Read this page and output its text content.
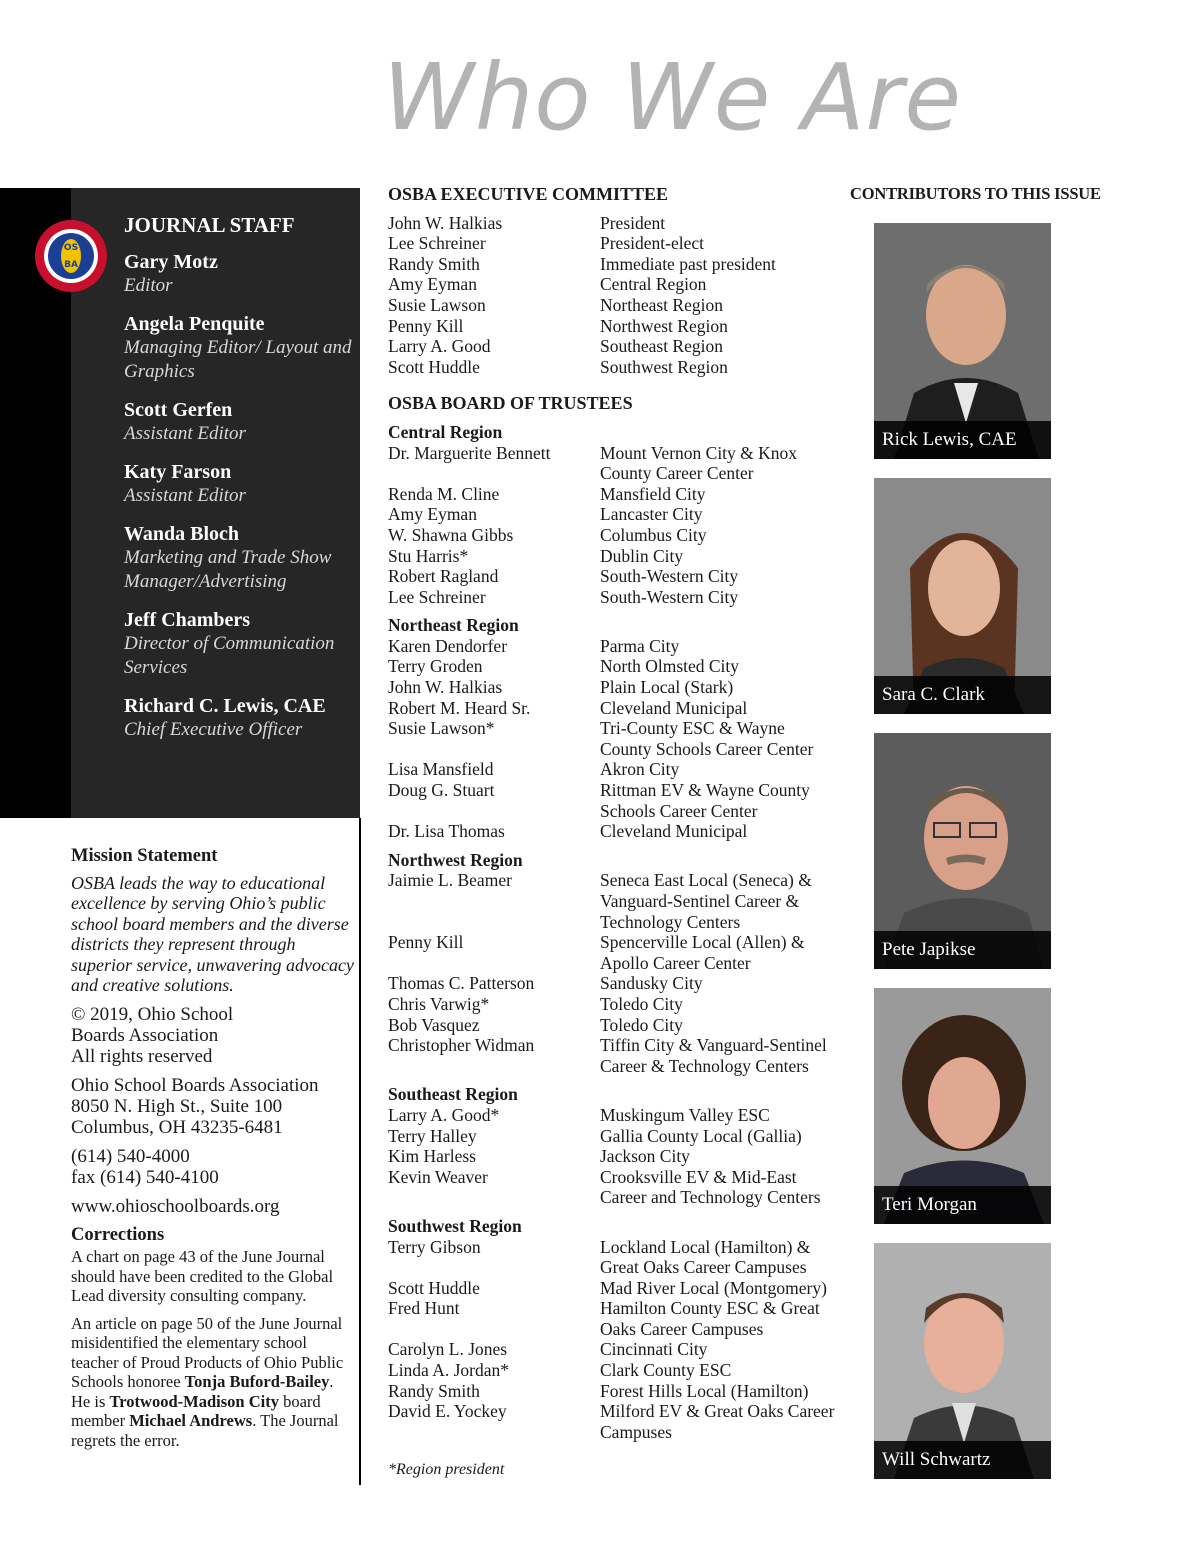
Who We Are
OS
BA
JOURNAL STAFF
Gary Motz
Editor
Angela Penquite
Managing Editor/ Layout and Graphics
Scott Gerfen
Assistant Editor
Katy Farson
Assistant Editor
Wanda Bloch
Marketing and Trade Show Manager/Advertising
Jeff Chambers
Director of Communication Services
Richard C. Lewis, CAE
Chief Executive Officer
Mission Statement
OSBA leads the way to educational excellence by serving Ohio’s public school board members and the diverse districts they represent through superior service, unwavering advocacy and creative solutions.
© 2019, Ohio School
Boards Association
All rights reserved
Ohio School Boards Association
8050 N. High St., Suite 100
Columbus, OH 43235-6481
(614) 540-4000
fax (614) 540-4100
www.ohioschoolboards.org
Corrections

A chart on page 43 of the June Journal should have been credited to the Global Lead diversity consulting company.

An article on page 50 of the June Journal misidentified the elementary school teacher of Proud Products of Ohio Public Schools honoree Tonja Buford-Bailey. He is Trotwood-Madison City board member Michael Andrews. The Journal regrets the error.

OSBA EXECUTIVE COMMITTEE
John W. Halkias	President
Lee Schreiner	President-elect
Randy Smith	Immediate past president
Amy Eyman	Central Region
Susie Lawson	Northeast Region
Penny Kill	Northwest Region
Larry A. Good	Southeast Region
Scott Huddle	Southwest Region
OSBA BOARD OF TRUSTEES
Central Region
Dr. Marguerite Bennett	Mount Vernon City & Knox County Career Center
Renda M. Cline	Mansfield City
Amy Eyman	Lancaster City
W. Shawna Gibbs	Columbus City
Stu Harris*	Dublin City
Robert Ragland	South-Western City
Lee Schreiner	South-Western City
Northeast Region
Karen Dendorfer	Parma City
Terry Groden	North Olmsted City
John W. Halkias	Plain Local (Stark)
Robert M. Heard Sr.	Cleveland Municipal
Susie Lawson*	Tri-County ESC & Wayne County Schools Career Center
Lisa Mansfield	Akron City
Doug G. Stuart	Rittman EV & Wayne County Schools Career Center
Dr. Lisa Thomas	Cleveland Municipal
Northwest Region
Jaimie L. Beamer	Seneca East Local (Seneca) & Vanguard-Sentinel Career & Technology Centers
Penny Kill	Spencerville Local (Allen) & Apollo Career Center
Thomas C. Patterson	Sandusky City
Chris Varwig*	Toledo City
Bob Vasquez	Toledo City
Christopher Widman	Tiffin City & Vanguard-Sentinel Career & Technology Centers
Southeast Region
Larry A. Good*	Muskingum Valley ESC
Terry Halley	Gallia County Local (Gallia)
Kim Harless	Jackson City
Kevin Weaver	Crooksville EV & Mid-East Career and Technology Centers
Southwest Region
Terry Gibson	Lockland Local (Hamilton) & Great Oaks Career Campuses
Scott Huddle	Mad River Local (Montgomery)
Fred Hunt	Hamilton County ESC & Great Oaks Career Campuses
Carolyn L. Jones	Cincinnati City
Linda A. Jordan*	Clark County ESC
Randy Smith	Forest Hills Local (Hamilton)
David E. Yockey	Milford EV & Great Oaks Career Campuses
*Region president
CONTRIBUTORS TO THIS ISSUE
Rick Lewis, CAE
Sara C. Clark
Pete Japikse
Teri Morgan
Will Schwartz
